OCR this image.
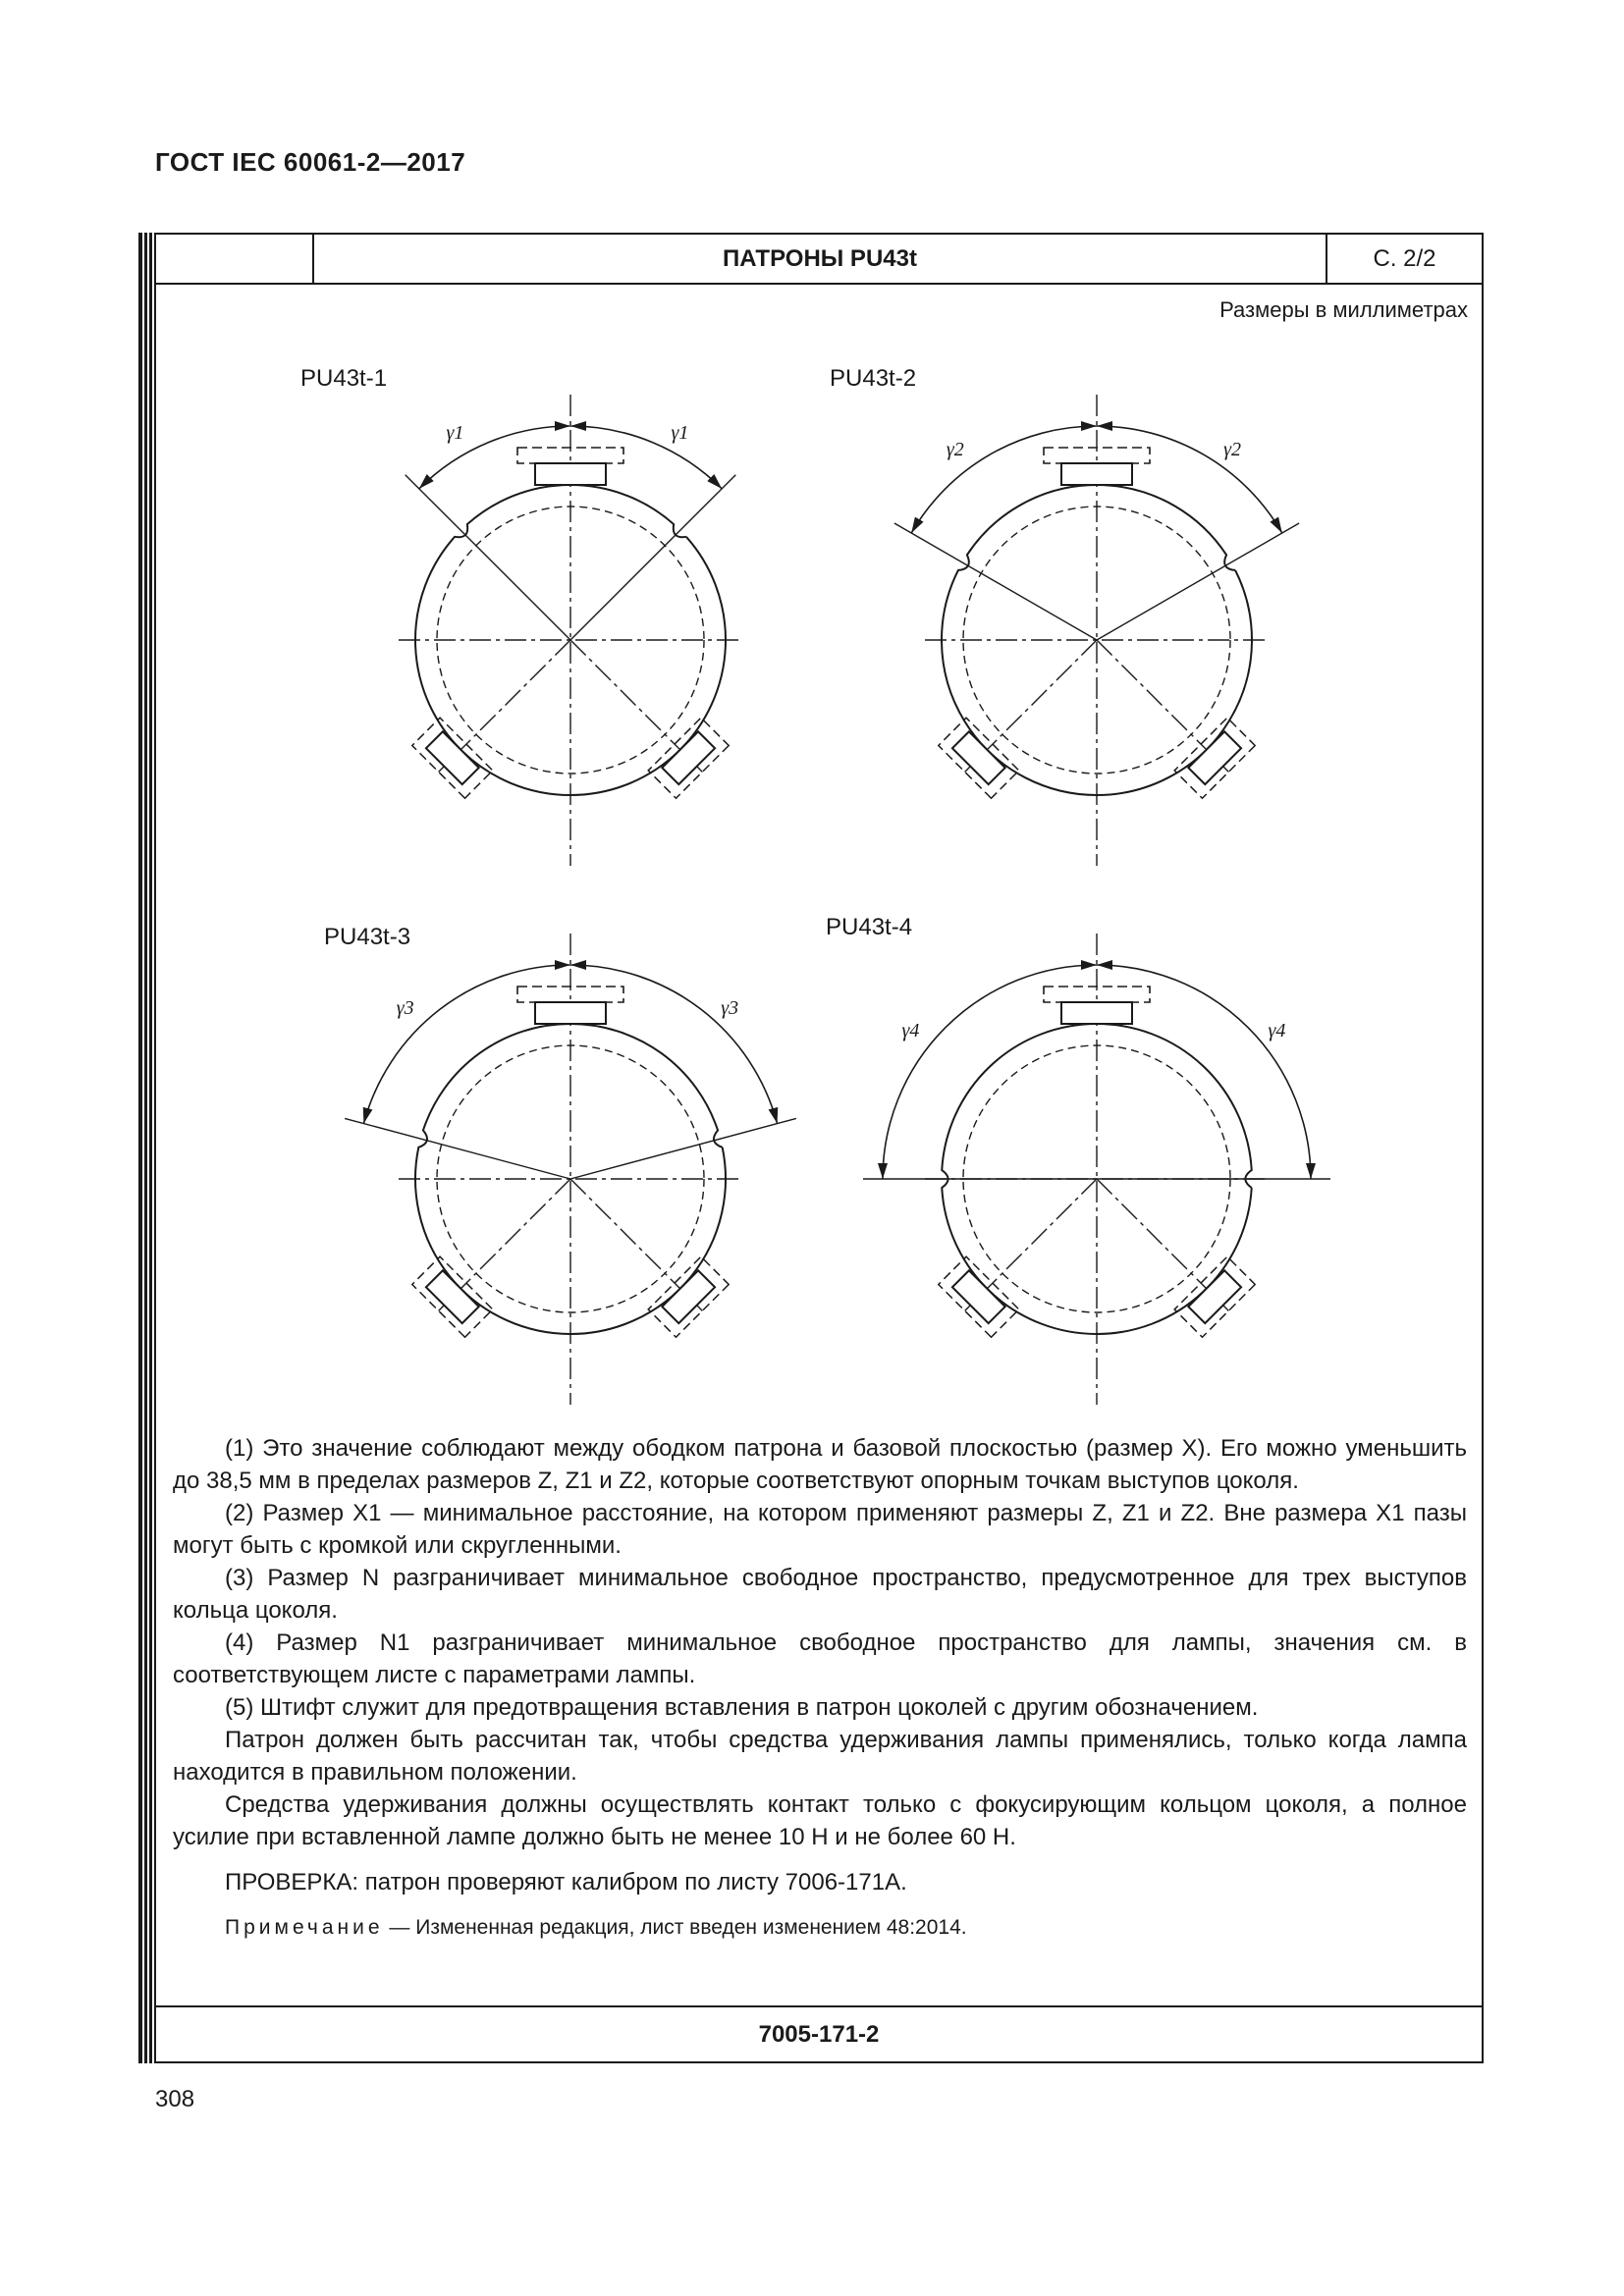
ГОСТ IEC 60061-2—2017
ПАТРОНЫ PU43t	С. 2/2
Размеры в миллиметрах
PU43t-1
γ1	γ1
PU43t-2
γ2	γ2
PU43t-3
γ3	γ3
PU43t-4
γ4	γ4

(1) Это значение соблюдают между ободком патрона и базовой плоскостью (размер X). Его можно уменьшить до 38,5 мм в пределах размеров Z, Z1 и Z2, которые соответствуют опорным точкам выступов цоколя.

(2) Размер X1 — минимальное расстояние, на котором применяют размеры Z, Z1 и Z2. Вне размера X1 пазы могут быть с кромкой или скругленными.

(3) Размер N разграничивает минимальное свободное пространство, предусмотренное для трех выступов кольца цоколя.

(4) Размер N1 разграничивает минимальное свободное пространство для лампы, значения см. в соответствующем листе с параметрами лампы.

(5) Штифт служит для предотвращения вставления в патрон цоколей с другим обозначением.

Патрон должен быть рассчитан так, чтобы средства удерживания лампы применялись, только когда лампа находится в правильном положении.

Средства удерживания должны осуществлять контакт только с фокусирующим кольцом цоколя, а полное усилие при вставленной лампе должно быть не менее 10 Н и не более 60 Н.

ПРОВЕРКА: патрон проверяют калибром по листу 7006-171A.

Примечание — Измененная редакция, лист введен изменением 48:2014.

7005-171-2
308
